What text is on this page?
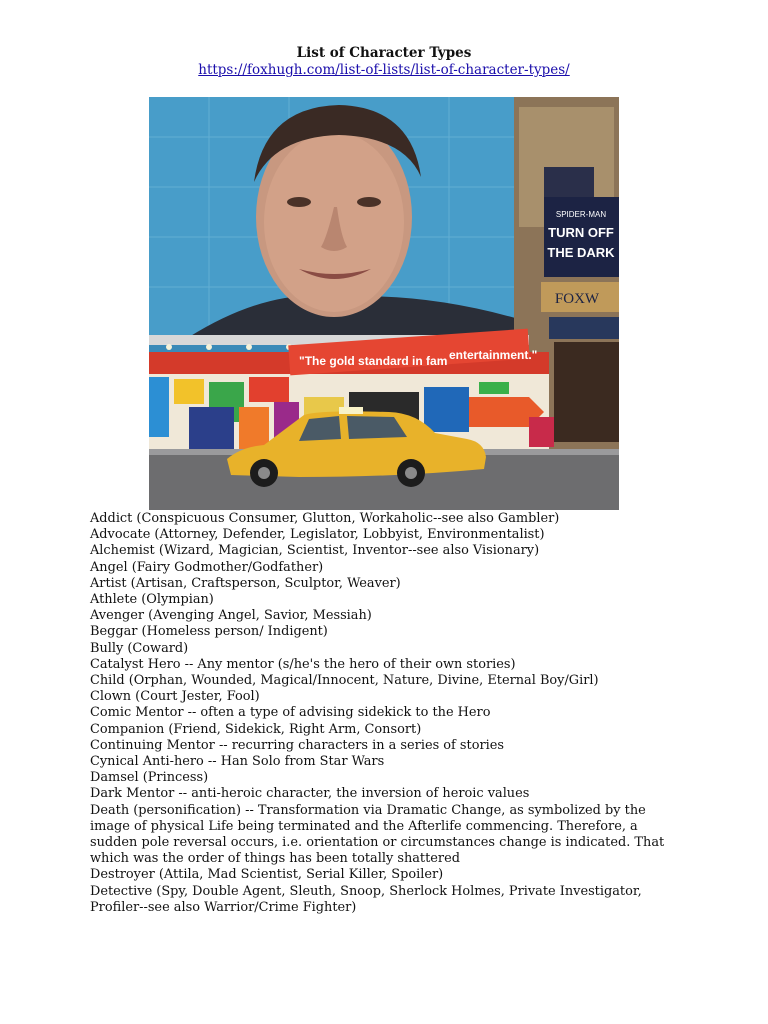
List of Character Types
https://foxhugh.com/list-of-lists/list-of-character-types/
SPIDER-MAN
TURN OFF
THE DARK
FOXW
"The gold standard in fam entertainment."
Addict (Conspicuous Consumer, Glutton, Workaholic--see also Gambler)
Advocate (Attorney, Defender, Legislator, Lobbyist, Environmentalist)
Alchemist (Wizard, Magician, Scientist, Inventor--see also Visionary)
Angel (Fairy Godmother/Godfather)
Artist (Artisan, Craftsperson, Sculptor, Weaver)
Athlete (Olympian)
Avenger (Avenging Angel, Savior, Messiah)
Beggar (Homeless person/ Indigent)
Bully (Coward)
Catalyst Hero -- Any mentor (s/he's the hero of their own stories)
Child (Orphan, Wounded, Magical/Innocent, Nature, Divine, Eternal Boy/Girl)
Clown (Court Jester, Fool)
Comic Mentor -- often a type of advising sidekick to the Hero
Companion (Friend, Sidekick, Right Arm, Consort)
Continuing Mentor -- recurring characters in a series of stories
Cynical Anti-hero -- Han Solo from Star Wars
Damsel (Princess)
Dark Mentor -- anti-heroic character, the inversion of heroic values
Death (personification) -- Transformation via Dramatic Change, as symbolized by the image of physical Life being terminated and the Afterlife commencing. Therefore, a sudden pole reversal occurs, i.e. orientation or circumstances change is indicated. That which was the order of things has been totally shattered
Destroyer (Attila, Mad Scientist, Serial Killer, Spoiler)
Detective (Spy, Double Agent, Sleuth, Snoop, Sherlock Holmes, Private Investigator, Profiler--see also Warrior/Crime Fighter)
